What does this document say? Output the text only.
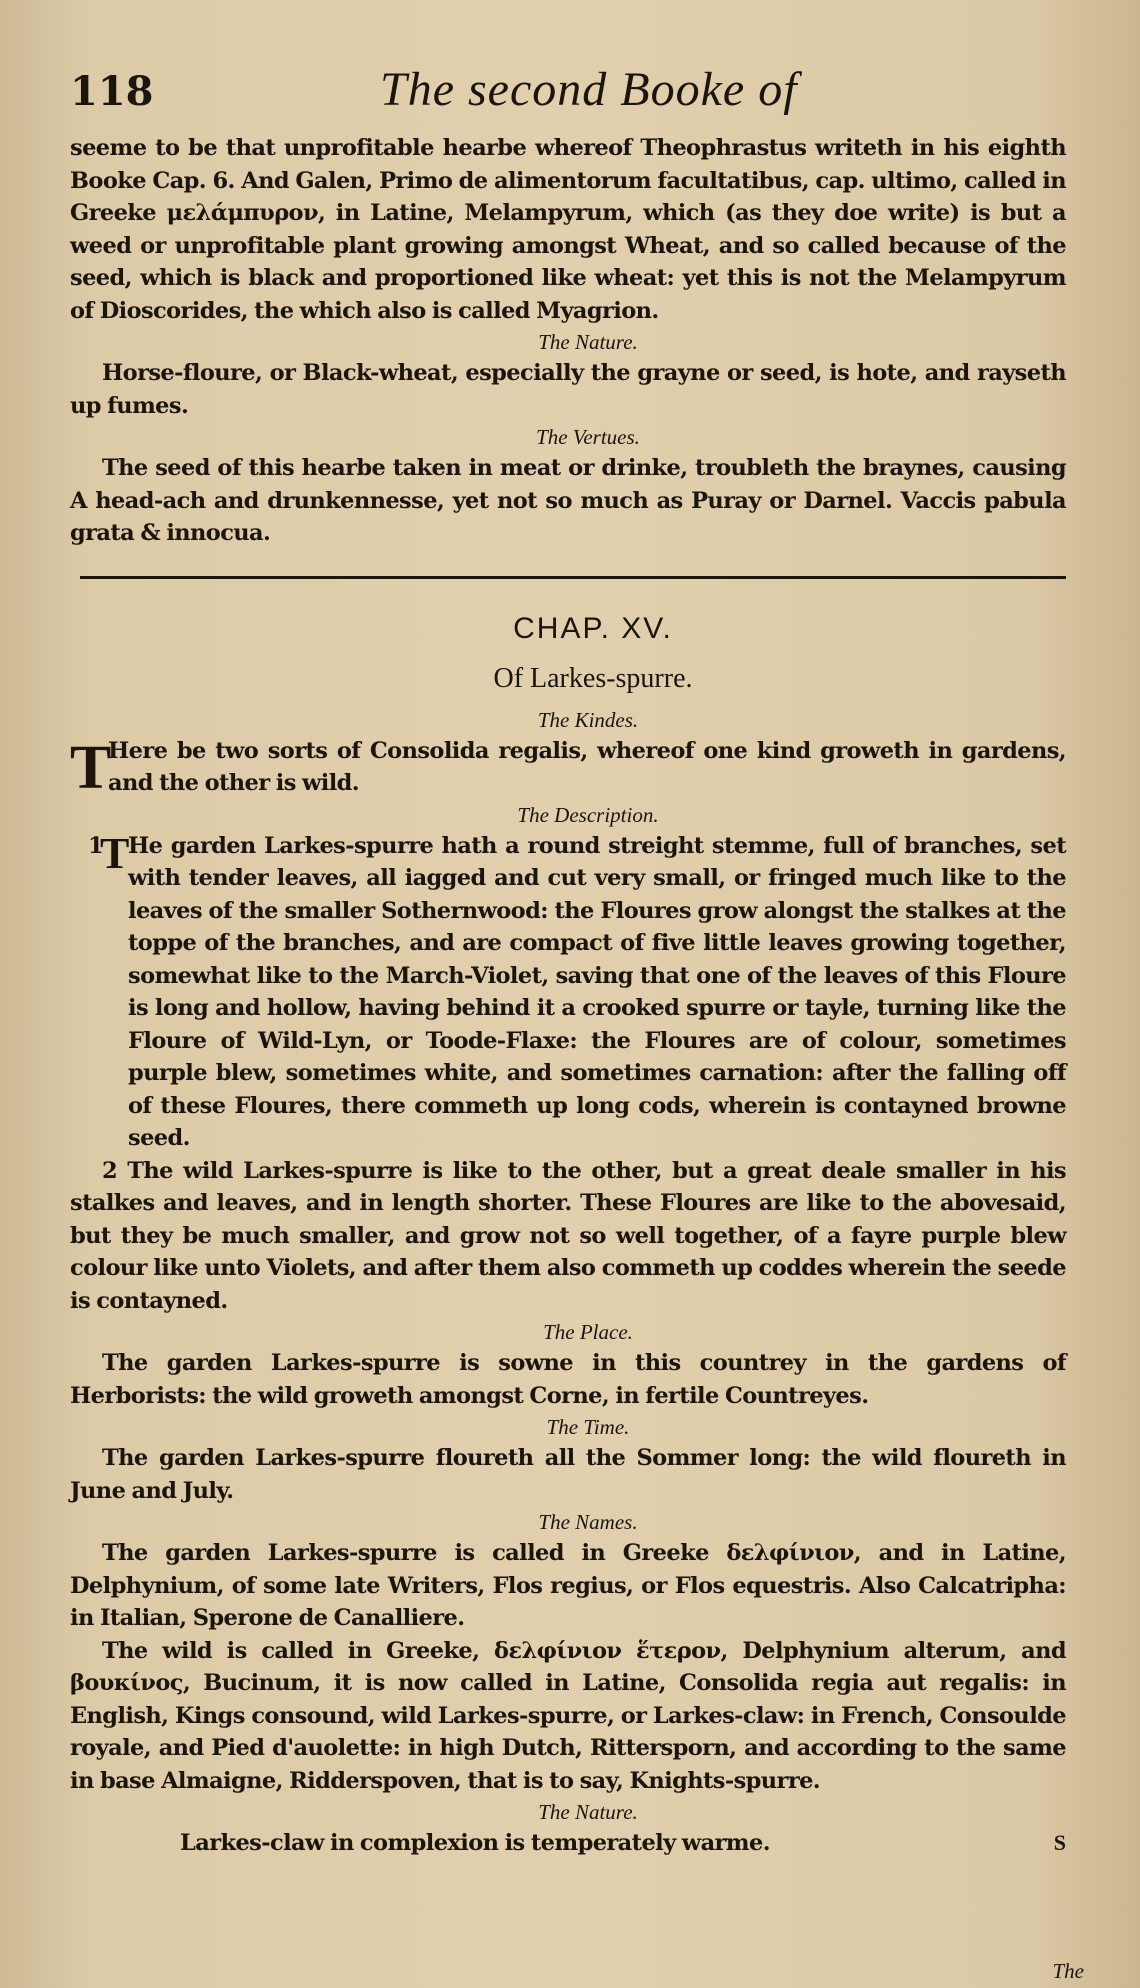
118	The second Booke of

seeme to be that unprofitable hearbe whereof Theophrastus writeth in his eighth Booke Cap. 6. And Galen, Primo de alimentorum facultatibus, cap. ultimo, called in Greeke μελάμπυρον, in Latine, Melampyrum, which (as they doe write) is but a weed or unprofitable plant growing amongst Wheat, and so called because of the seed, which is black and proportioned like wheat: yet this is not the Melampyrum of Dioscorides, the which also is called Myagrion.

The Nature.

Horse-floure, or Black-wheat, especially the grayne or seed, is hote, and rayseth up fumes.

The Vertues.

The seed of this hearbe taken in meat or drinke, troubleth the braynes, causing A head-ach and drunkennesse, yet not so much as Puray or Darnel. Vaccis pabula grata & innocua.

CHAP. XV.
Of Larkes-spurre.
The Kindes.
T

Here be two sorts of Consolida regalis, whereof one kind groweth in gardens, and the other is wild.

The Description.
1
T

He garden Larkes-spurre hath a round streight stemme, full of branches, set with tender leaves, all iagged and cut very small, or fringed much like to the leaves of the smaller Sothernwood: the Floures grow alongst the stalkes at the toppe of the branches, and are compact of five little leaves growing together, somewhat like to the March-Violet, saving that one of the leaves of this Floure is long and hollow, having behind it a crooked spurre or tayle, turning like the Floure of Wild-Lyn, or Toode-Flaxe: the Floures are of colour, sometimes purple blew, sometimes white, and sometimes carnation: after the falling off of these Floures, there commeth up long cods, wherein is contayned browne seed.

2 The wild Larkes-spurre is like to the other, but a great deale smaller in his stalkes and leaves, and in length shorter. These Floures are like to the abovesaid, but they be much smaller, and grow not so well together, of a fayre purple blew colour like unto Violets, and after them also commeth up coddes wherein the seede is contayned.

The Place.

The garden Larkes-spurre is sowne in this countrey in the gardens of Herborists: the wild groweth amongst Corne, in fertile Countreyes.

The Time.

The garden Larkes-spurre floureth all the Sommer long: the wild floureth in June and July.

The Names.

The garden Larkes-spurre is called in Greeke δελφίνιον, and in Latine, Delphynium, of some late Writers, Flos regius, or Flos equestris. Also Calcatripha: in Italian, Sperone de Canalliere.

The wild is called in Greeke, δελφίνιον ἕτερον, Delphynium alterum, and βουκίνος, Bucinum, it is now called in Latine, Consolida regia aut regalis: in English, Kings consound, wild Larkes-spurre, or Larkes-claw: in French, Consoulde royale, and Pied d'auolette: in high Dutch, Rittersporn, and according to the same in base Almaigne, Ridderspoven, that is to say, Knights-spurre.

The Nature.

Larkes-claw in complexion is temperately warme.	S
The
